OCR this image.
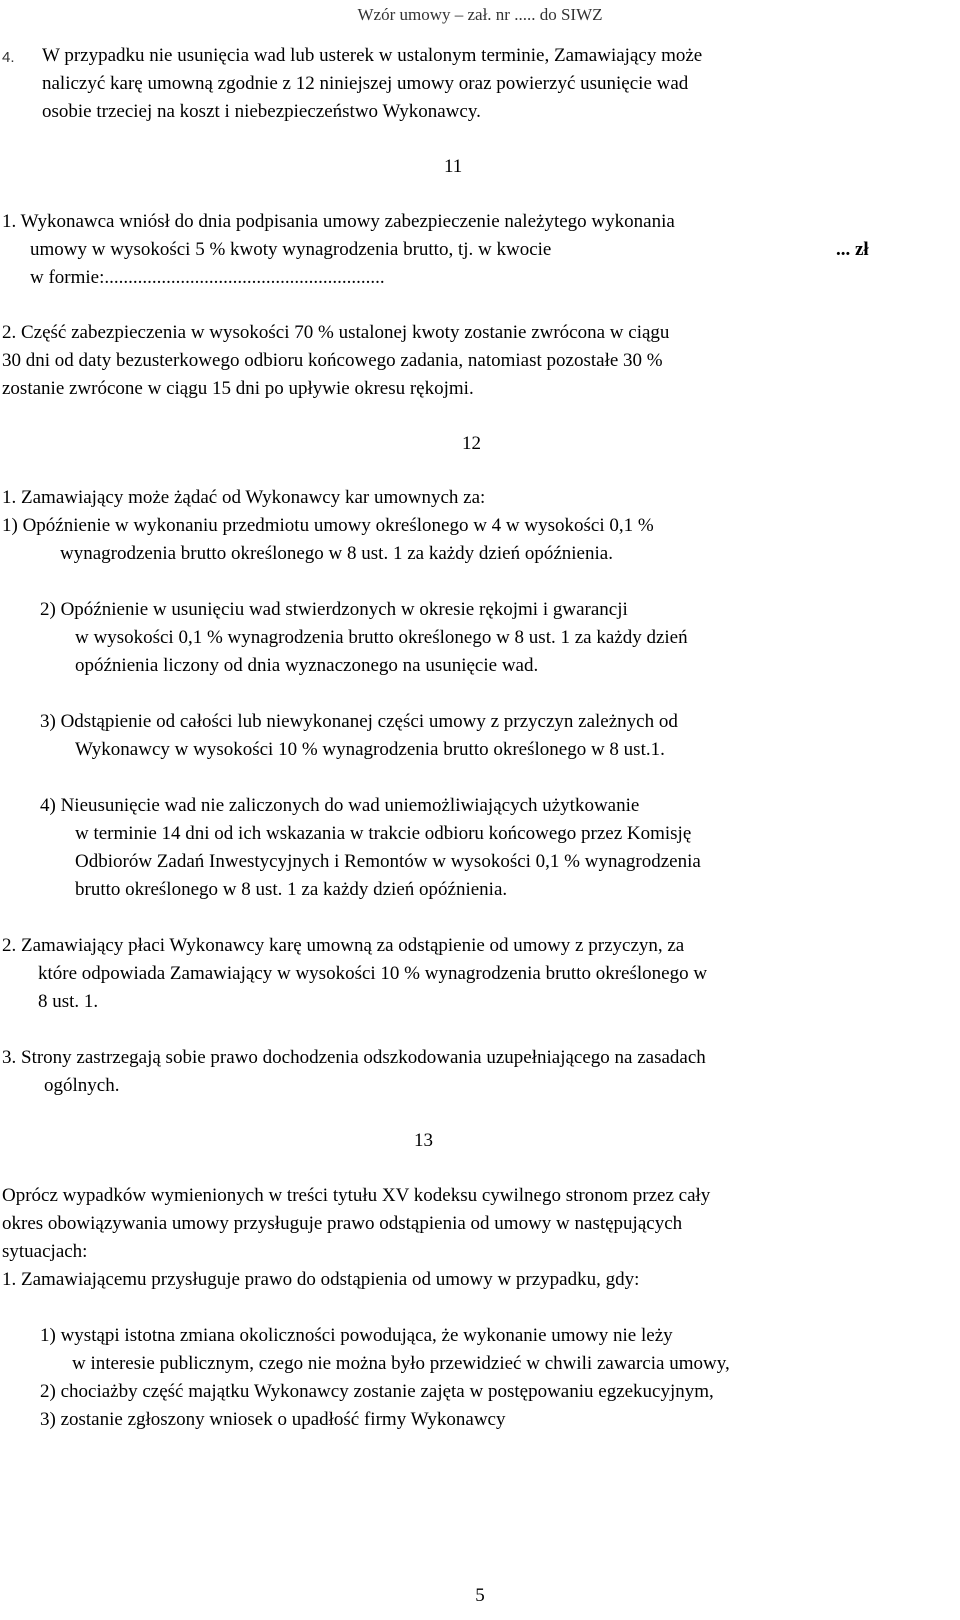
Wzór umowy – zał. nr ..... do SIWZ
4. W przypadku nie usunięcia wad lub usterek w ustalonym terminie, Zamawiający może
naliczyć karę umowną zgodnie z 12 niniejszej umowy oraz powierzyć usunięcie wad
osobie trzeciej na koszt i niebezpieczeństwo Wykonawcy.
11
1. Wykonawca wniósł do dnia podpisania umowy zabezpieczenie należytego wykonania
umowy w wysokości 5 % kwoty wynagrodzenia brutto, tj. w kwocie	... zł
w formie:...........................................................
2. Część zabezpieczenia w wysokości 70 % ustalonej kwoty zostanie zwrócona w ciągu
30 dni od daty bezusterkowego odbioru końcowego zadania, natomiast pozostałe 30 %
zostanie zwrócone w ciągu 15 dni po upływie okresu rękojmi.
12
1. Zamawiający może żądać od Wykonawcy kar umownych za:
1) Opóźnienie w wykonaniu przedmiotu umowy określonego w 4 w wysokości 0,1 %
wynagrodzenia brutto określonego w 8 ust. 1 za każdy dzień opóźnienia.
2) Opóźnienie w usunięciu wad stwierdzonych w okresie rękojmi i gwarancji
w wysokości 0,1 % wynagrodzenia brutto określonego w 8 ust. 1 za każdy dzień
opóźnienia liczony od dnia wyznaczonego na usunięcie wad.
3) Odstąpienie od całości lub niewykonanej części umowy z przyczyn zależnych od
Wykonawcy w wysokości 10 % wynagrodzenia brutto określonego w 8 ust.1.
4) Nieusunięcie wad nie zaliczonych do wad uniemożliwiających użytkowanie
w terminie 14 dni od ich wskazania w trakcie odbioru końcowego przez Komisję
Odbiorów Zadań Inwestycyjnych i Remontów w wysokości 0,1 % wynagrodzenia
brutto określonego w 8 ust. 1 za każdy dzień opóźnienia.
2. Zamawiający płaci Wykonawcy karę umowną za odstąpienie od umowy z przyczyn, za
które odpowiada Zamawiający w wysokości 10 % wynagrodzenia brutto określonego w
8 ust. 1.
3. Strony zastrzegają sobie prawo dochodzenia odszkodowania uzupełniającego na zasadach
ogólnych.
13
Oprócz wypadków wymienionych w treści tytułu XV kodeksu cywilnego stronom przez cały
okres obowiązywania umowy przysługuje prawo odstąpienia od umowy w następujących
sytuacjach:
1. Zamawiającemu przysługuje prawo do odstąpienia od umowy w przypadku, gdy:
1) wystąpi istotna zmiana okoliczności powodująca, że wykonanie umowy nie leży
w interesie publicznym, czego nie można było przewidzieć w chwili zawarcia umowy,
2) chociażby część majątku Wykonawcy zostanie zajęta w postępowaniu egzekucyjnym,
3) zostanie zgłoszony wniosek o upadłość firmy Wykonawcy
5
